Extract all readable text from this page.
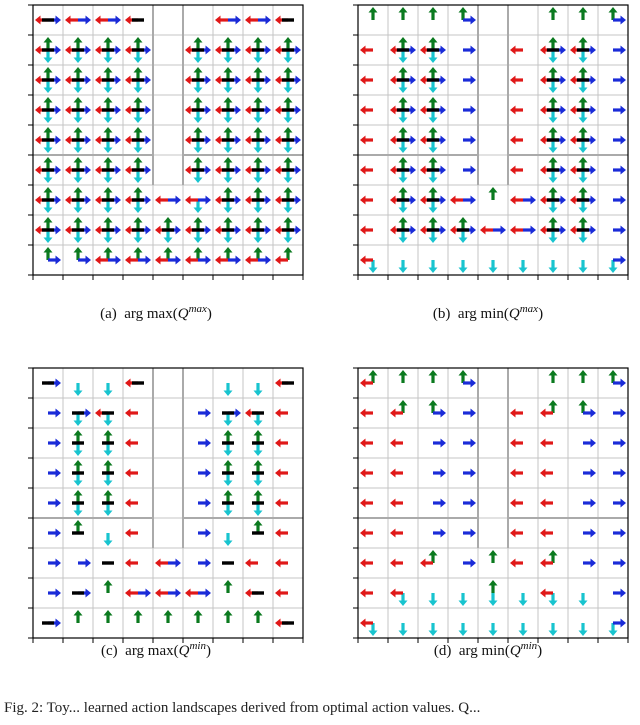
(a) arg $\max(Q^{max})$	(b) arg $\min(Q^{max})$
(c) arg $\max(Q^{min})$	(d) arg $\min(Q^{min})$
Fig. 2: Toy... learned action landscapes derived from optimal action values. Q...
